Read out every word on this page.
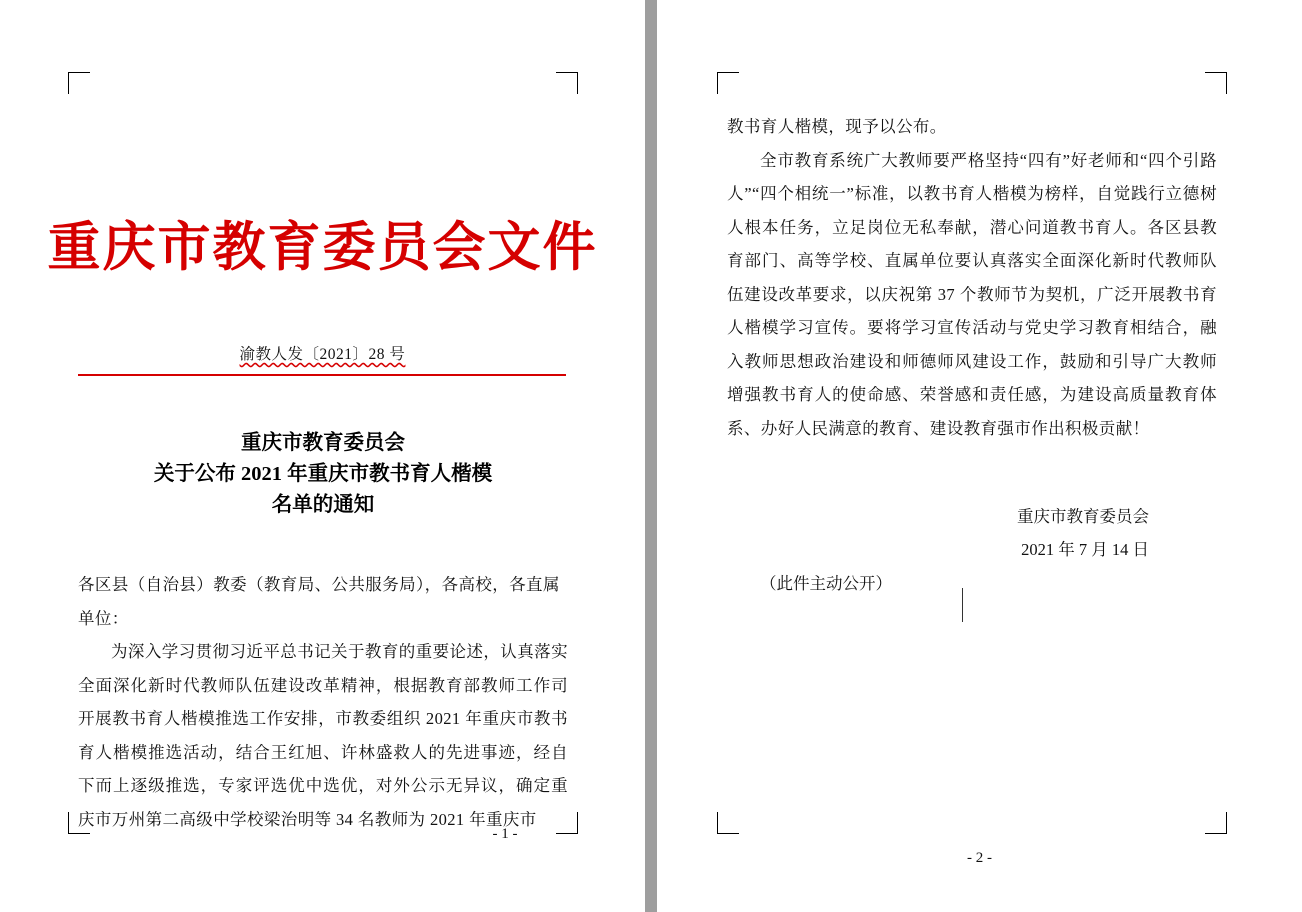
重庆市教育委员会文件
渝教人发〔2021〕28 号
重庆市教育委员会
关于公布 2021 年重庆市教书育人楷模
名单的通知

各区县（自治县）教委（教育局、公共服务局），各高校，各直属

单位：

为深入学习贯彻习近平总书记关于教育的重要论述，认真落实全面深化新时代教师队伍建设改革精神，根据教育部教师工作司开展教书育人楷模推选工作安排，市教委组织 2021 年重庆市教书育人楷模推选活动，结合王红旭、许林盛救人的先进事迹，经自下而上逐级推选，专家评选优中选优，对外公示无异议，确定重庆市万州第二高级中学校梁治明等 34 名教师为 2021 年重庆市

- 1 -

教书育人楷模，现予以公布。

全市教育系统广大教师要严格坚持“四有”好老师和“四个引路人”“四个相统一”标准，以教书育人楷模为榜样，自觉践行立德树人根本任务，立足岗位无私奉献，潜心问道教书育人。各区县教育部门、高等学校、直属单位要认真落实全面深化新时代教师队伍建设改革要求，以庆祝第 37 个教师节为契机，广泛开展教书育人楷模学习宣传。要将学习宣传活动与党史学习教育相结合，融入教师思想政治建设和师德师风建设工作，鼓励和引导广大教师增强教书育人的使命感、荣誉感和责任感，为建设高质量教育体系、办好人民满意的教育、建设教育强市作出积极贡献！

重庆市教育委员会
2021 年 7 月 14 日
（此件主动公开）
- 2 -
